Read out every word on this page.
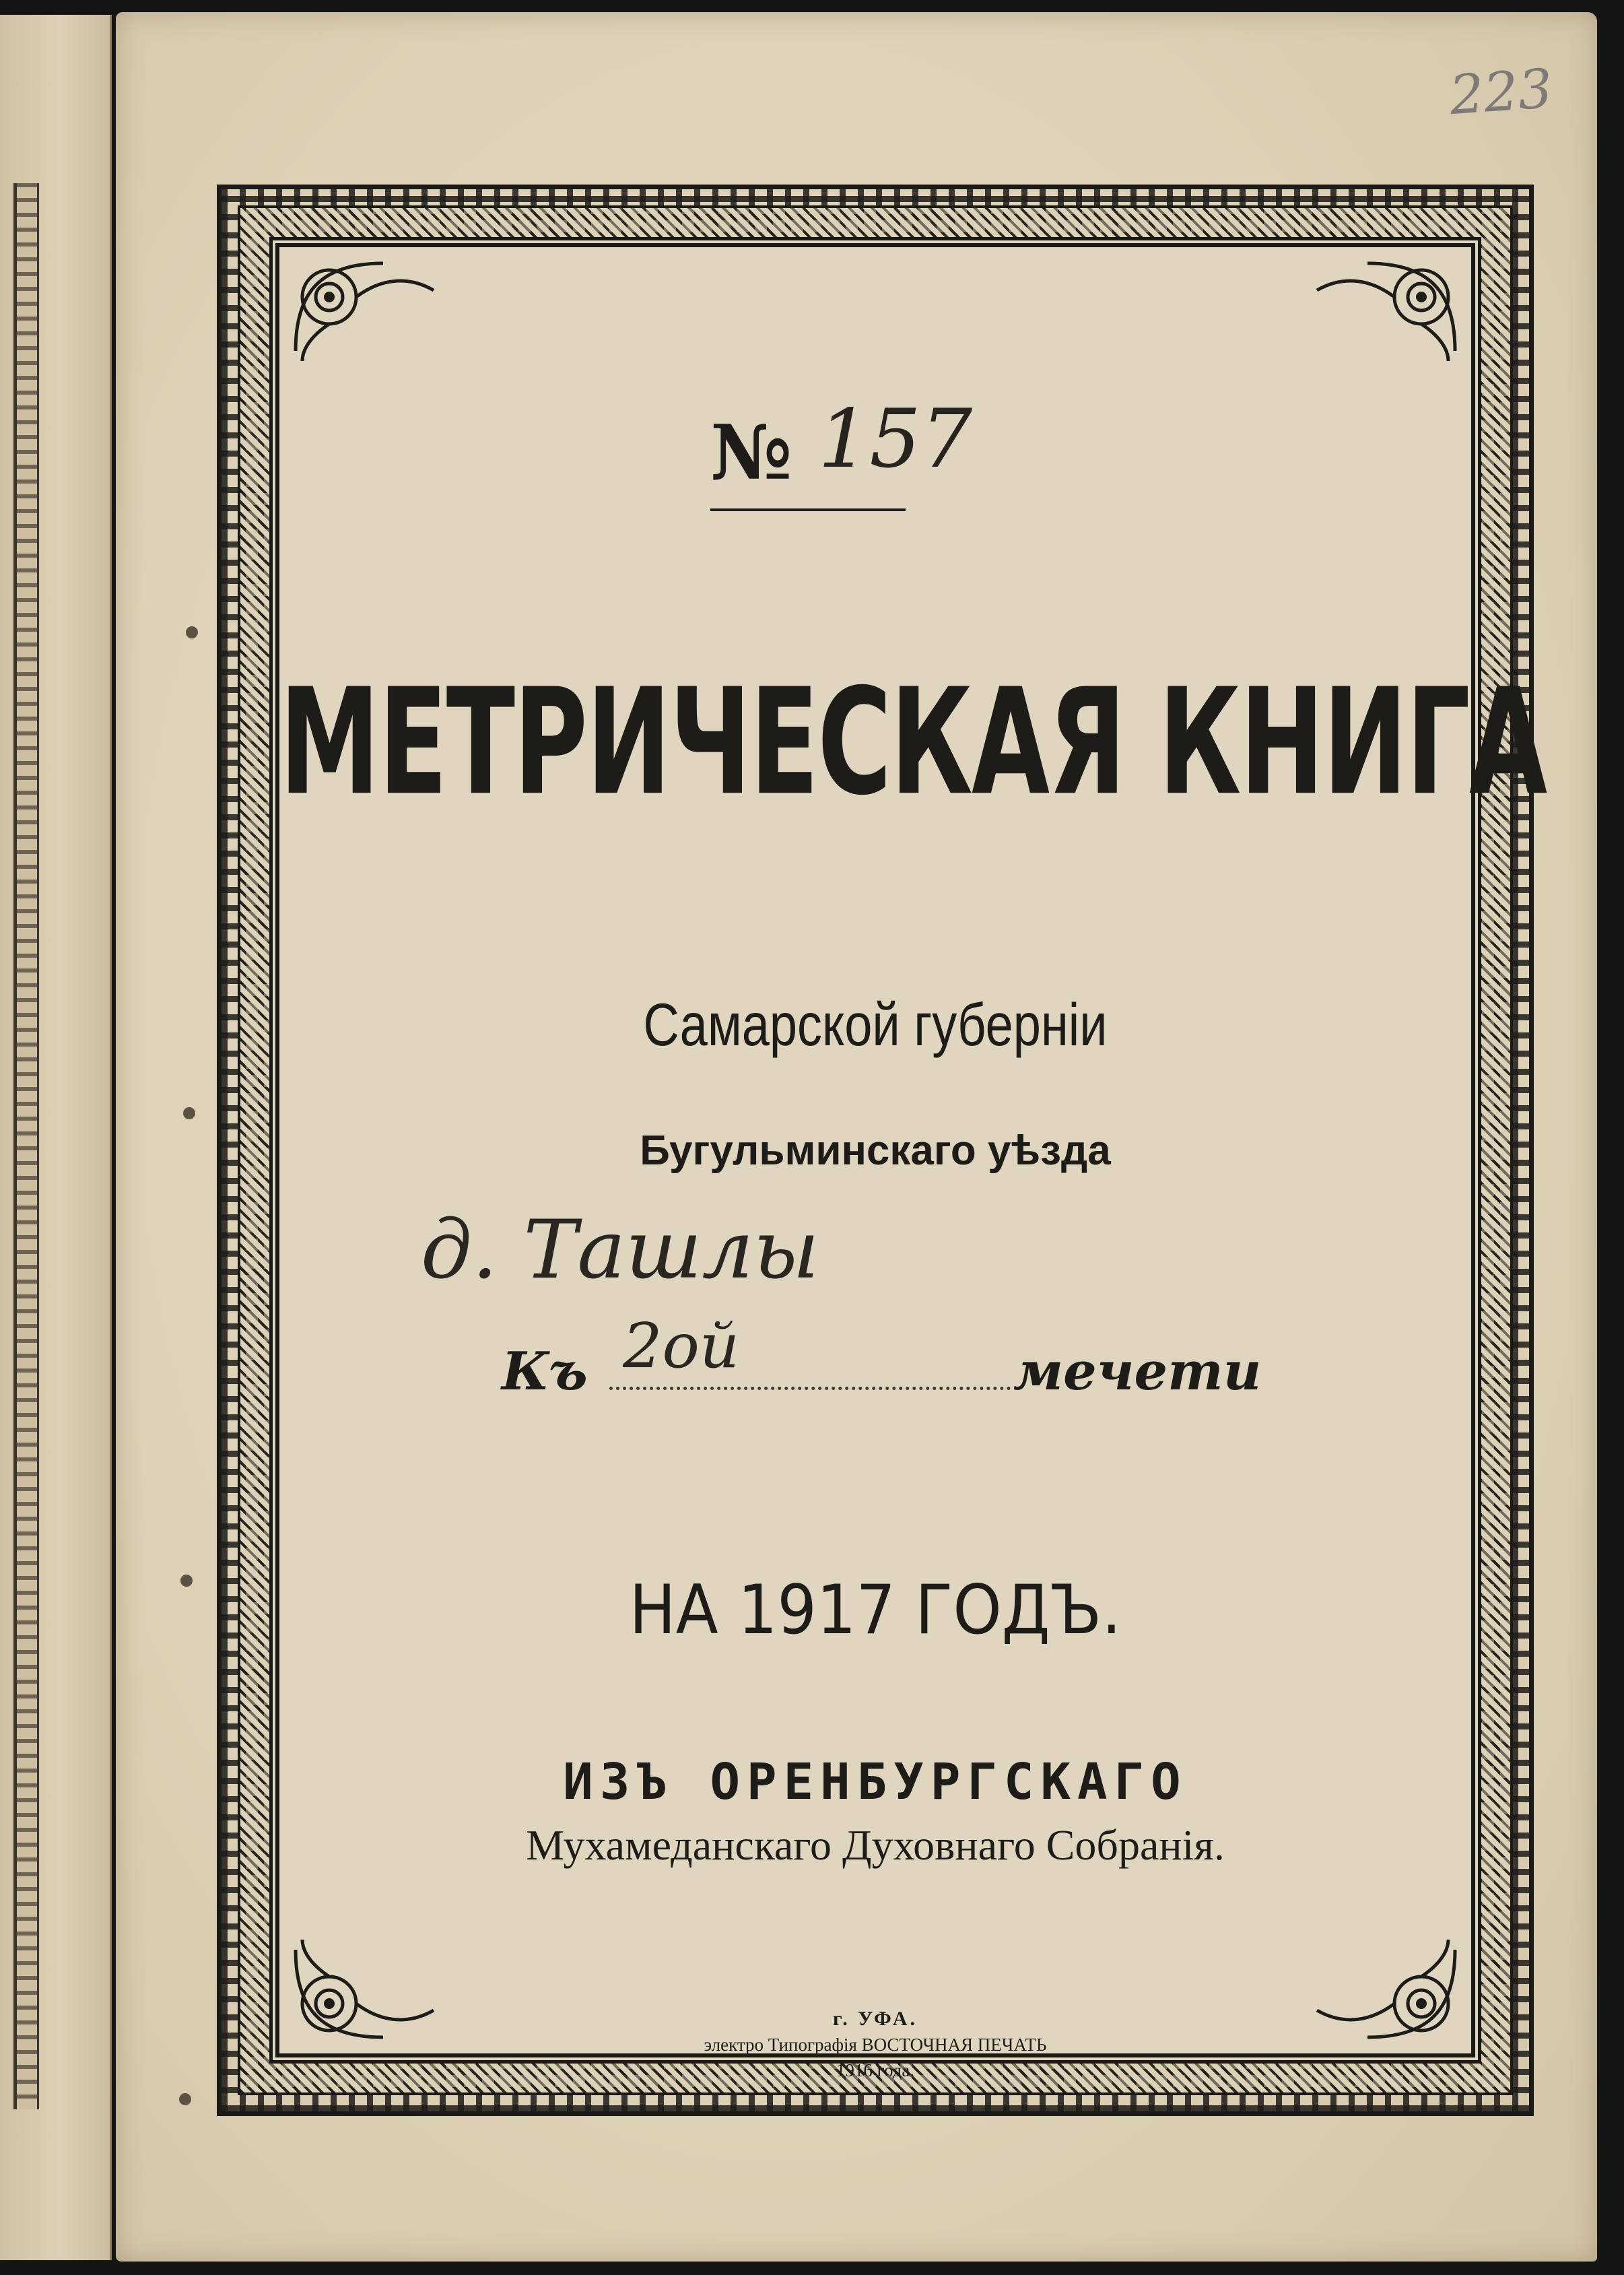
223
№ 157
МЕТРИЧЕСКАЯ КНИГА
Самарской губернiи
Бугульминскаго уѣзда
д. Ташлы
Къ 2ой	мечети
НА 1917 ГОДЪ.
ИЗЪ ОРЕНБУРГСКАГО
Мухамеданскаго Духовнаго Собранiя.
г. УФА.
электро Типографiя ВОСТОЧНАЯ ПЕЧАТЬ
1916 года.
